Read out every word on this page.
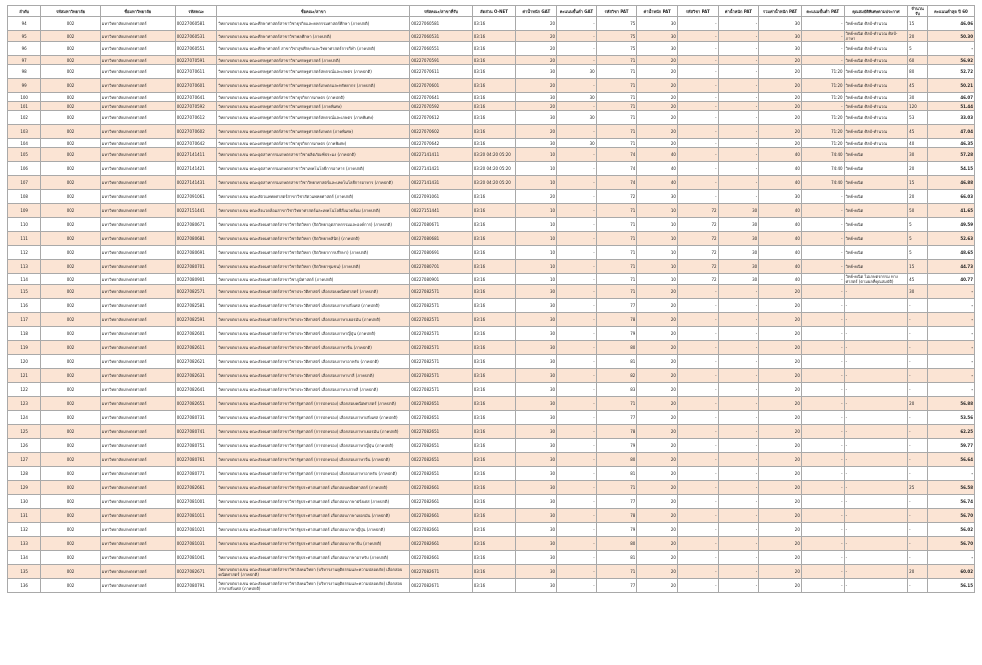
ลำดับ	รหัสมหาวิทยาลัย	ชื่อมหาวิทยาลัย	รหัสคณะ	ชื่อคณะ/สาขา	รหัสคณะ/สาขาที่รับ	สัดส่วน O-NET	ค่าน้ำหนัก GAT	คะแนนขั้นต่ำ GAT	รหัสวิชา PAT	ค่าน้ำหนัก PAT	รหัสวิชา PAT	ค่าน้ำหนัก PAT	รวมค่าน้ำหนัก PAT	คะแนนขั้นต่ำ PAT	คุณสมบัติพิเศษตามประกาศ	จำนวนรับ	คะแนนต่ำสุด ปี 60
94	002	มหาวิทยาลัยเกษตรศาสตร์	00227060581	วิทยาเขตบางเขน คณะศึกษาศาสตร์สาขาวิชาธุรกิจและคหกรรมศาสตร์ศึกษา (ภาคปกติ)	00227060581	03:16	20	-	75	30	-	-	30	-	วิทย์-คณิต ศิลป์-คำนวณ	15	46.06
95	002	มหาวิทยาลัยเกษตรศาสตร์	00227060531	วิทยาเขตบางเขน คณะศึกษาศาสตร์สาขาวิชาพลศึกษา (ภาคปกติ)	00227060531	03:16	20	-	75	30	-	-	30	-	วิทย์-คณิต ศิลป์-คำนวณ ศิลป์-ภาษา	20	50.30
96	002	มหาวิทยาลัยเกษตรศาสตร์	00227060551	วิทยาเขตบางเขน คณะศึกษาศาสตร์ สาขาวิชาสุขศึกษาและวิทยาศาสตร์การกีฬา (ภาคปกติ)	00227060551	03:16	20	-	75	30	-	-	30	-	วิทย์-คณิต ศิลป์-คำนวณ	5	-
97	002	มหาวิทยาลัยเกษตรศาสตร์	00227070591	วิทยาเขตบางเขน คณะเศรษฐศาสตร์สาขาวิชาเศรษฐศาสตร์ (ภาคปกติ)	00227070591	03:16	20	-	71	20	-	-	20	-	วิทย์-คณิต ศิลป์-คำนวณ	60	56.92
98	002	มหาวิทยาลัยเกษตรศาสตร์	00227070611	วิทยาเขตบางเขน คณะเศรษฐศาสตร์สาขาวิชาเศรษฐศาสตร์สหกรณ์และเกษตร (ภาคปกติ)	00227070611	03:16	30	30	71	20	-	-	20	71:20	วิทย์-คณิต ศิลป์-คำนวณ	80	52.72
99	002	มหาวิทยาลัยเกษตรศาสตร์	00227070601	วิทยาเขตบางเขน คณะเศรษฐศาสตร์สาขาวิชาเศรษฐศาสตร์เกษตรและทรัพยากร (ภาคปกติ)	00227070601	03:16	20	-	71	20	-	-	20	71:20	วิทย์-คณิต ศิลป์-คำนวณ	45	50.21
100	002	มหาวิทยาลัยเกษตรศาสตร์	00227070641	วิทยาเขตบางเขน คณะเศรษฐศาสตร์สาขาวิชาธุรกิจการเกษตร (ภาคปกติ)	00227070641	03:16	30	30	71	20	-	-	20	71:20	วิทย์-คณิต ศิลป์-คำนวณ	30	46.07
101	002	มหาวิทยาลัยเกษตรศาสตร์	00227070592	วิทยาเขตบางเขน คณะเศรษฐศาสตร์สาขาวิชาเศรษฐศาสตร์ (ภาคพิเศษ)	00227070592	03:16	20	-	71	20	-	-	20	-	วิทย์-คณิต ศิลป์-คำนวณ	120	51.44
102	002	มหาวิทยาลัยเกษตรศาสตร์	00227070612	วิทยาเขตบางเขน คณะเศรษฐศาสตร์สาขาวิชาเศรษฐศาสตร์สหกรณ์และเกษตร (ภาคพิเศษ)	00227070612	03:16	30	30	71	20	-	-	20	71:20	วิทย์-คณิต ศิลป์-คำนวณ	53	33.03
103	002	มหาวิทยาลัยเกษตรศาสตร์	00227070602	วิทยาเขตบางเขน คณะเศรษฐศาสตร์สาขาวิชาเศรษฐศาสตร์เกษตร (ภาคพิเศษ)	00227070602	03:16	20	-	71	20	-	-	20	71:20	วิทย์-คณิต ศิลป์-คำนวณ	45	47.04
104	002	มหาวิทยาลัยเกษตรศาสตร์	00227070642	วิทยาเขตบางเขน คณะเศรษฐศาสตร์สาขาวิชาธุรกิจการเกษตร (ภาคพิเศษ)	00227070642	03:16	30	30	71	20	-	-	20	71:20	วิทย์-คณิต ศิลป์-คำนวณ	40	46.35
105	002	มหาวิทยาลัยเกษตรศาสตร์	00227141411	วิทยาเขตบางเขน คณะอุตสาหกรรมเกษตรสาขาวิชาผลิตภัณฑ์ประมง (ภาคปกติ)	00227141411	03:20 04:20 05:20	10	-	74	40	-	-	40	74:40	วิทย์-คณิต	30	57.28
106	002	มหาวิทยาลัยเกษตรศาสตร์	00227141421	วิทยาเขตบางเขน คณะอุตสาหกรรมเกษตรสาขาวิชาเทคโนโลยีการอาหาร (ภาคปกติ)	00227141421	03:20 04:20 05:20	10	-	74	40	-	-	40	74:40	วิทย์-คณิต	20	54.15
107	002	มหาวิทยาลัยเกษตรศาสตร์	00227141431	วิทยาเขตบางเขน คณะอุตสาหกรรมเกษตรสาขาวิชาวิทยาศาสตร์และเทคโนโลยีการอาหาร (ภาคปกติ)	00227141431	03:20 04:20 05:20	10	-	74	40	-	-	40	74:40	วิทย์-คณิต	15	46.88
108	002	มหาวิทยาลัยเกษตรศาสตร์	00227091061	วิทยาเขตบางเขน คณะสัตวแพทยศาสตร์สาขาวิชาสัตวแพทยศาสตร์ (ภาคปกติ)	00227091061	03:16	20	-	72	30	-	-	30	-	วิทย์-คณิต	20	66.03
109	002	มหาวิทยาลัยเกษตรศาสตร์	00227151441	วิทยาเขตบางเขน คณะสิ่งแวดล้อมสาขาวิชาวิทยาศาสตร์และเทคโนโลยีสิ่งแวดล้อม (ภาคปกติ)	00227151441	03:16	10	-	71	10	72	30	40	-	วิทย์-คณิต	50	41.65
110	002	มหาวิทยาลัยเกษตรศาสตร์	00227080671	วิทยาเขตบางเขน คณะสังคมศาสตร์สาขาวิชาจิตวิทยา (จิตวิทยาอุตสาหกรรมและองค์การ) (ภาคปกติ)	00227080671	03:16	10	-	71	10	72	30	40	-	วิทย์-คณิต	5	49.59
111	002	มหาวิทยาลัยเกษตรศาสตร์	00227080681	วิทยาเขตบางเขน คณะสังคมศาสตร์สาขาวิชาจิตวิทยา (จิตวิทยาคลินิก) (ภาคปกติ)	00227080681	03:16	10	-	71	10	72	30	40	-	วิทย์-คณิต	5	52.63
112	002	มหาวิทยาลัยเกษตรศาสตร์	00227080691	วิทยาเขตบางเขน คณะสังคมศาสตร์สาขาวิชาจิตวิทยา (จิตวิทยาการปรึกษา) (ภาคปกติ)	00227080691	03:16	10	-	71	10	72	30	40	-	วิทย์-คณิต	5	48.65
113	002	มหาวิทยาลัยเกษตรศาสตร์	00227080701	วิทยาเขตบางเขน คณะสังคมศาสตร์สาขาวิชาจิตวิทยา (จิตวิทยาชุมชน) (ภาคปกติ)	00227080701	03:16	10	-	71	10	72	30	40	-	วิทย์-คณิต	15	44.73
114	002	มหาวิทยาลัยเกษตรศาสตร์	00227080901	วิทยาเขตบางเขน คณะสังคมศาสตร์สาขาวิชาภูมิศาสตร์ (ภาคปกติ)	00227080901	03:16	10	-	71	10	72	30	40	-	วิทย์-คณิต ไม่เกษตรกรรม ทางศาสตร์ (ตามผลที่คุณสมบัติ)	45	40.77
115	002	มหาวิทยาลัยเกษตรศาสตร์	00227082571	วิทยาเขตบางเขน คณะสังคมศาสตร์สาขาวิชาประวัติศาสตร์ เลือกสอบคณิตศาสตร์ (ภาคปกติ)	00227082571	03:16	30	-	71	20	-	-	20	-	-	30	-
116	002	มหาวิทยาลัยเกษตรศาสตร์	00227082581	วิทยาเขตบางเขน คณะสังคมศาสตร์สาขาวิชาประวัติศาสตร์ เลือกสอบภาษาฝรั่งเศส (ภาคปกติ)	00227082571	03:16	30	-	77	20	-	-	20	-	-	-	-
117	002	มหาวิทยาลัยเกษตรศาสตร์	00227082591	วิทยาเขตบางเขน คณะสังคมศาสตร์สาขาวิชาประวัติศาสตร์ เลือกสอบภาษาเยอรมัน (ภาคปกติ)	00227082571	03:16	30	-	78	20	-	-	20	-	-	-	-
118	002	มหาวิทยาลัยเกษตรศาสตร์	00227082601	วิทยาเขตบางเขน คณะสังคมศาสตร์สาขาวิชาประวัติศาสตร์ เลือกสอบภาษาญี่ปุ่น (ภาคปกติ)	00227082571	03:16	30	-	79	20	-	-	20	-	-	-	-
119	002	มหาวิทยาลัยเกษตรศาสตร์	00227082611	วิทยาเขตบางเขน คณะสังคมศาสตร์สาขาวิชาประวัติศาสตร์ เลือกสอบภาษาจีน (ภาคปกติ)	00227082571	03:16	30	-	80	20	-	-	20	-	-	-	-
120	002	มหาวิทยาลัยเกษตรศาสตร์	00227082621	วิทยาเขตบางเขน คณะสังคมศาสตร์สาขาวิชาประวัติศาสตร์ เลือกสอบภาษาอาหรับ (ภาคปกติ)	00227082571	03:16	30	-	81	20	-	-	20	-	-	-	-
121	002	มหาวิทยาลัยเกษตรศาสตร์	00227082631	วิทยาเขตบางเขน คณะสังคมศาสตร์สาขาวิชาประวัติศาสตร์ เลือกสอบภาษาบาลี (ภาคปกติ)	00227082571	03:16	30	-	82	20	-	-	20	-	-	-	-
122	002	มหาวิทยาลัยเกษตรศาสตร์	00227082641	วิทยาเขตบางเขน คณะสังคมศาสตร์สาขาวิชาประวัติศาสตร์ เลือกสอบภาษาเกาหลี (ภาคปกติ)	00227082571	03:16	30	-	83	20	-	-	20	-	-	-	-
123	002	มหาวิทยาลัยเกษตรศาสตร์	00227082651	วิทยาเขตบางเขน คณะสังคมศาสตร์สาขาวิชารัฐศาสตร์ (การปกครอง) เลือกสอบคณิตศาสตร์ (ภาคปกติ)	00227082651	03:16	30	-	71	20	-	-	20	-	-	20	56.88
124	002	มหาวิทยาลัยเกษตรศาสตร์	00227080731	วิทยาเขตบางเขน คณะสังคมศาสตร์สาขาวิชารัฐศาสตร์ (การปกครอง) เลือกสอบภาษาฝรั่งเศส (ภาคปกติ)	00227082651	03:16	30	-	77	20	-	-	20	-	-	-	53.56
125	002	มหาวิทยาลัยเกษตรศาสตร์	00227080741	วิทยาเขตบางเขน คณะสังคมศาสตร์สาขาวิชารัฐศาสตร์ (การปกครอง) เลือกสอบภาษาเยอรมัน (ภาคปกติ)	00227082651	03:16	30	-	78	20	-	-	20	-	-	-	62.25
126	002	มหาวิทยาลัยเกษตรศาสตร์	00227080751	วิทยาเขตบางเขน คณะสังคมศาสตร์สาขาวิชารัฐศาสตร์ (การปกครอง) เลือกสอบภาษาญี่ปุ่น (ภาคปกติ)	00227082651	03:16	30	-	79	20	-	-	20	-	-	-	59.77
127	002	มหาวิทยาลัยเกษตรศาสตร์	00227080761	วิทยาเขตบางเขน คณะสังคมศาสตร์สาขาวิชารัฐศาสตร์ (การปกครอง) เลือกสอบภาษาจีน (ภาคปกติ)	00227082651	03:16	30	-	80	20	-	-	20	-	-	-	56.64
128	002	มหาวิทยาลัยเกษตรศาสตร์	00227080771	วิทยาเขตบางเขน คณะสังคมศาสตร์สาขาวิชารัฐศาสตร์ (การปกครอง) เลือกสอบภาษาอาหรับ (ภาคปกติ)	00227082651	03:16	30	-	81	20	-	-	20	-	-	-	-
129	002	มหาวิทยาลัยเกษตรศาสตร์	00227082661	วิทยาเขตบางเขน คณะสังคมศาสตร์สาขาวิชารัฐประศาสนศาสตร์ เลือกสอบคณิตศาสตร์ (ภาคปกติ)	00227082661	03:16	30	-	71	20	-	-	20	-	-	25	56.58
130	002	มหาวิทยาลัยเกษตรศาสตร์	00227081001	วิทยาเขตบางเขน คณะสังคมศาสตร์สาขาวิชารัฐประศาสนศาสตร์ เลือกสอบภาษาฝรั่งเศส (ภาคปกติ)	00227082661	03:16	30	-	77	20	-	-	20	-	-	-	56.74
131	002	มหาวิทยาลัยเกษตรศาสตร์	00227081011	วิทยาเขตบางเขน คณะสังคมศาสตร์สาขาวิชารัฐประศาสนศาสตร์ เลือกสอบภาษาเยอรมัน (ภาคปกติ)	00227082661	03:16	30	-	78	20	-	-	20	-	-	-	56.70
132	002	มหาวิทยาลัยเกษตรศาสตร์	00227081021	วิทยาเขตบางเขน คณะสังคมศาสตร์สาขาวิชารัฐประศาสนศาสตร์ เลือกสอบภาษาญี่ปุ่น (ภาคปกติ)	00227082661	03:16	30	-	79	20	-	-	20	-	-	-	56.02
133	002	มหาวิทยาลัยเกษตรศาสตร์	00227081031	วิทยาเขตบางเขน คณะสังคมศาสตร์สาขาวิชารัฐประศาสนศาสตร์ เลือกสอบภาษาจีน (ภาคปกติ)	00227082661	03:16	30	-	80	20	-	-	20	-	-	-	56.70
134	002	มหาวิทยาลัยเกษตรศาสตร์	00227081041	วิทยาเขตบางเขน คณะสังคมศาสตร์สาขาวิชารัฐประศาสนศาสตร์ เลือกสอบภาษาอาหรับ (ภาคปกติ)	00227082661	03:16	30	-	81	20	-	-	20	-	-	-	-
135	002	มหาวิทยาลัยเกษตรศาสตร์	00227082671	วิทยาเขตบางเขน คณะสังคมศาสตร์สาขาวิชาสังคมวิทยา (บริหารงานยุติธรรมและความปลอดภัย) เลือกสอบคณิตศาสตร์ (ภาคปกติ)	00227082671	03:16	30	-	71	20	-	-	20	-	-	20	60.02
136	002	มหาวิทยาลัยเกษตรศาสตร์	00227080791	วิทยาเขตบางเขน คณะสังคมศาสตร์สาขาวิชาสังคมวิทยา (บริหารงานยุติธรรมและความปลอดภัย) เลือกสอบภาษาฝรั่งเศส (ภาคปกติ)	00227082671	03:16	30	-	77	20	-	-	20	-	-	-	56.15
